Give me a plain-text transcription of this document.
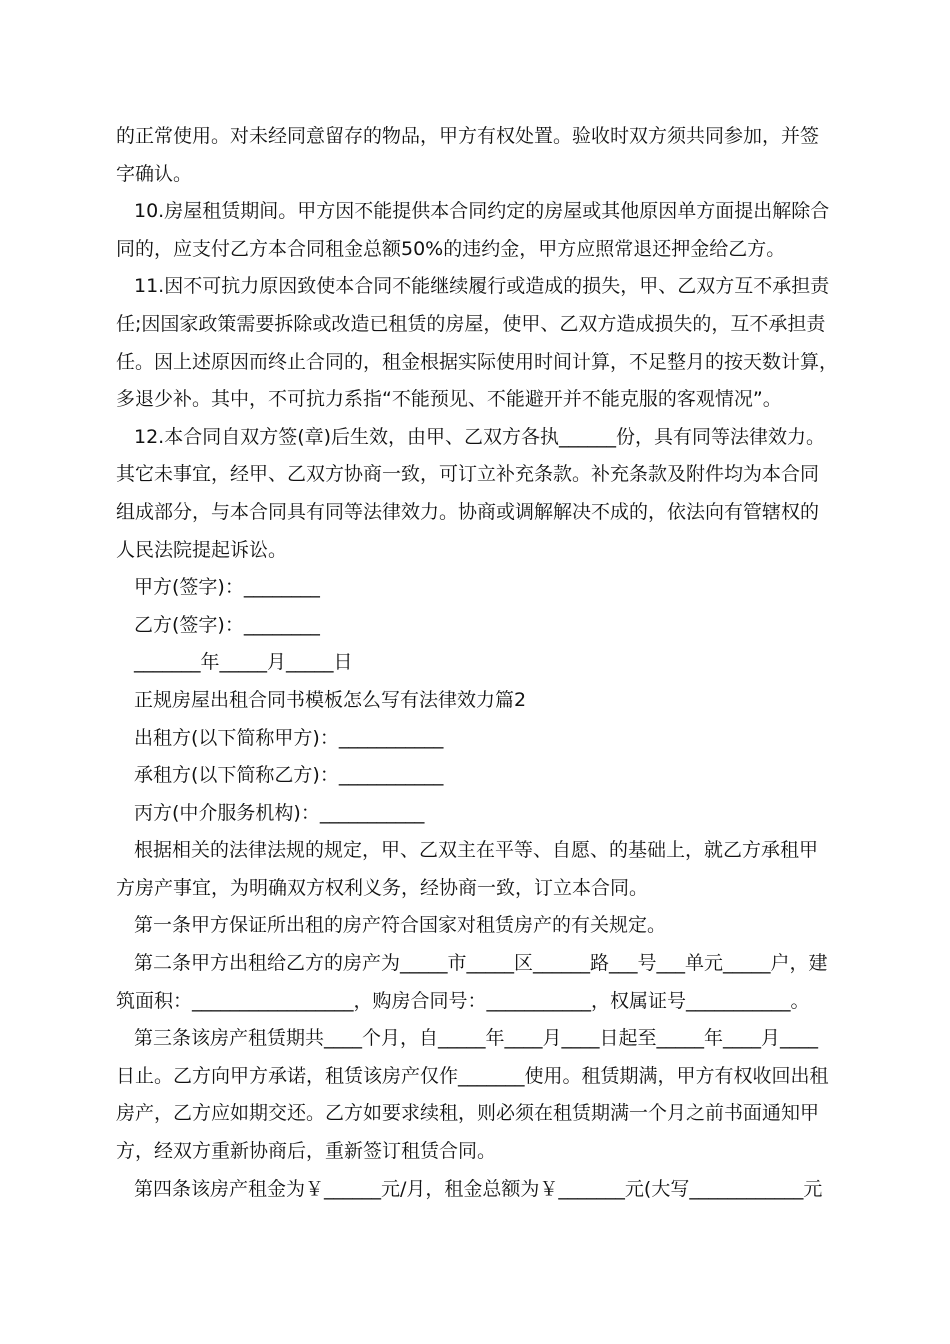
的正常使用。对未经同意留存的物品，甲方有权处置。验收时双方须共同参加，并签
字确认。
10.房屋租赁期间。甲方因不能提供本合同约定的房屋或其他原因单方面提出解除合
同的，应支付乙方本合同租金总额50%的违约金，甲方应照常退还押金给乙方。
11.因不可抗力原因致使本合同不能继续履行或造成的损失，甲、乙双方互不承担责
任;因国家政策需要拆除或改造已租赁的房屋，使甲、乙双方造成损失的，互不承担责
任。因上述原因而终止合同的，租金根据实际使用时间计算，不足整月的按天数计算，
多退少补。其中，不可抗力系指“不能预见、不能避开并不能克服的客观情况”。
12.本合同自双方签(章)后生效，由甲、乙双方各执______份，具有同等法律效力。
其它未事宜，经甲、乙双方协商一致，可订立补充条款。补充条款及附件均为本合同
组成部分，与本合同具有同等法律效力。协商或调解解决不成的，依法向有管辖权的
人民法院提起诉讼。
甲方(签字)：________
乙方(签字)：________
_______年_____月_____日
正规房屋出租合同书模板怎么写有法律效力篇2
出租方(以下简称甲方)：___________
承租方(以下简称乙方)：___________
丙方(中介服务机构)：___________
根据相关的法律法规的规定，甲、乙双主在平等、自愿、的基础上，就乙方承租甲
方房产事宜，为明确双方权利义务，经协商一致，订立本合同。
第一条甲方保证所出租的房产符合国家对租赁房产的有关规定。
第二条甲方出租给乙方的房产为_____市_____区______路___号___单元_____户，建
筑面积：_________________，购房合同号：___________，权属证号___________。
第三条该房产租赁期共____个月，自_____年____月____日起至_____年____月____
日止。乙方向甲方承诺，租赁该房产仅作_______使用。租赁期满，甲方有权收回出租
房产，乙方应如期交还。乙方如要求续租，则必须在租赁期满一个月之前书面通知甲
方，经双方重新协商后，重新签订租赁合同。
第四条该房产租金为￥______元/月，租金总额为￥_______元(大写____________元
